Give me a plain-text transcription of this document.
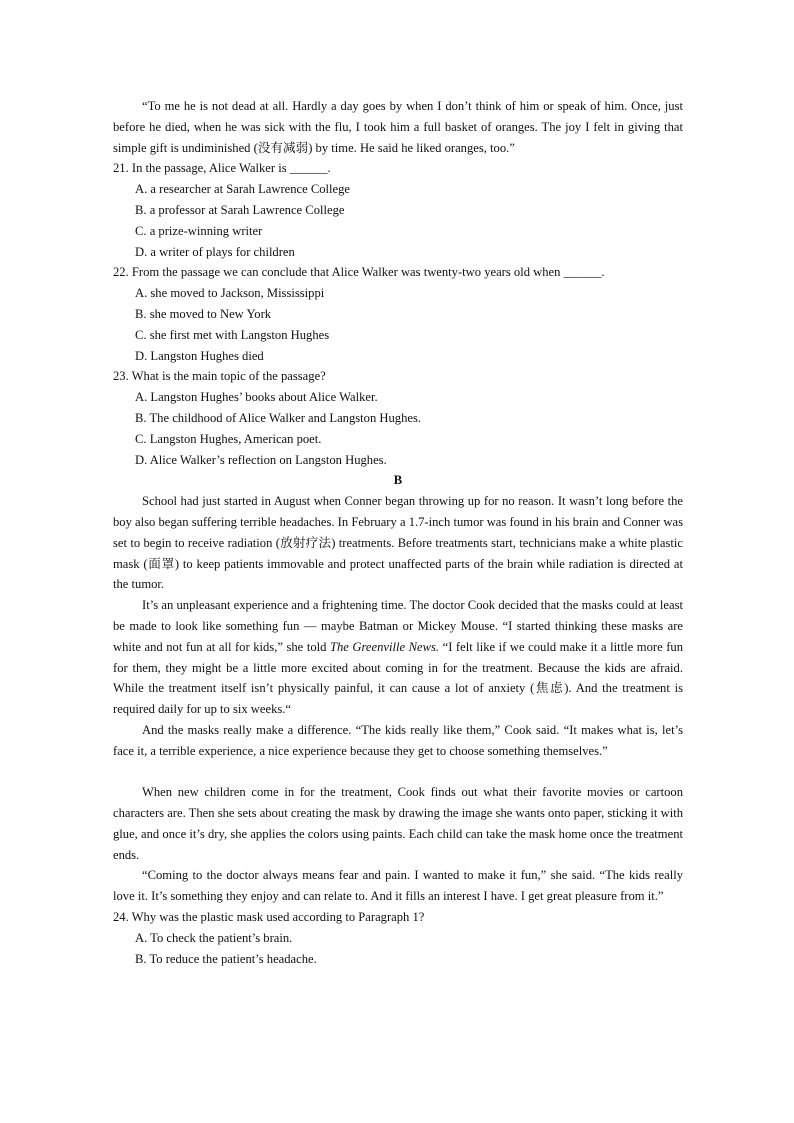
“To me he is not dead at all. Hardly a day goes by when I don’t think of him or speak of him. Once, just before he died, when he was sick with the flu, I took him a full basket of oranges. The joy I felt in giving that simple gift is undiminished (没有减弱) by time. He said he liked oranges, too.”

21. In the passage, Alice Walker is ______.

A. a researcher at Sarah Lawrence College

B. a professor at Sarah Lawrence College

C. a prize-winning writer

D. a writer of plays for children

22. From the passage we can conclude that Alice Walker was twenty-two years old when ______.

A. she moved to Jackson, Mississippi

B. she moved to New York

C. she first met with Langston Hughes

D. Langston Hughes died

23. What is the main topic of the passage?

A. Langston Hughes’ books about Alice Walker.

B. The childhood of Alice Walker and Langston Hughes.

C. Langston Hughes, American poet.

D. Alice Walker’s reflection on Langston Hughes.

B

School had just started in August when Conner began throwing up for no reason. It wasn’t long before the boy also began suffering terrible headaches. In February a 1.7-inch tumor was found in his brain and Conner was set to begin to receive radiation (放射疗法) treatments. Before treatments start, technicians make a white plastic mask (面罩) to keep patients immovable and protect unaffected parts of the brain while radiation is directed at the tumor.

It’s an unpleasant experience and a frightening time. The doctor Cook decided that the masks could at least be made to look like something fun — maybe Batman or Mickey Mouse. “I started thinking these masks are white and not fun at all for kids,” she told The Greenville News. “I felt like if we could make it a little more fun for them, they might be a little more excited about coming in for the treatment. Because the kids are afraid. While the treatment itself isn’t physically painful, it can cause a lot of anxiety (焦虑). And the treatment is required daily for up to six weeks.“

And the masks really make a difference. “The kids really like them,” Cook said. “It makes what is, let’s face it, a terrible experience, a nice experience because they get to choose something themselves.”

When new children come in for the treatment, Cook finds out what their favorite movies or cartoon characters are. Then she sets about creating the mask by drawing the image she wants onto paper, sticking it with glue, and once it’s dry, she applies the colors using paints. Each child can take the mask home once the treatment ends.

“Coming to the doctor always means fear and pain. I wanted to make it fun,” she said. “The kids really love it. It’s something they enjoy and can relate to. And it fills an interest I have. I get great pleasure from it.”

24. Why was the plastic mask used according to Paragraph 1?

A. To check the patient’s brain.

B. To reduce the patient’s headache.
